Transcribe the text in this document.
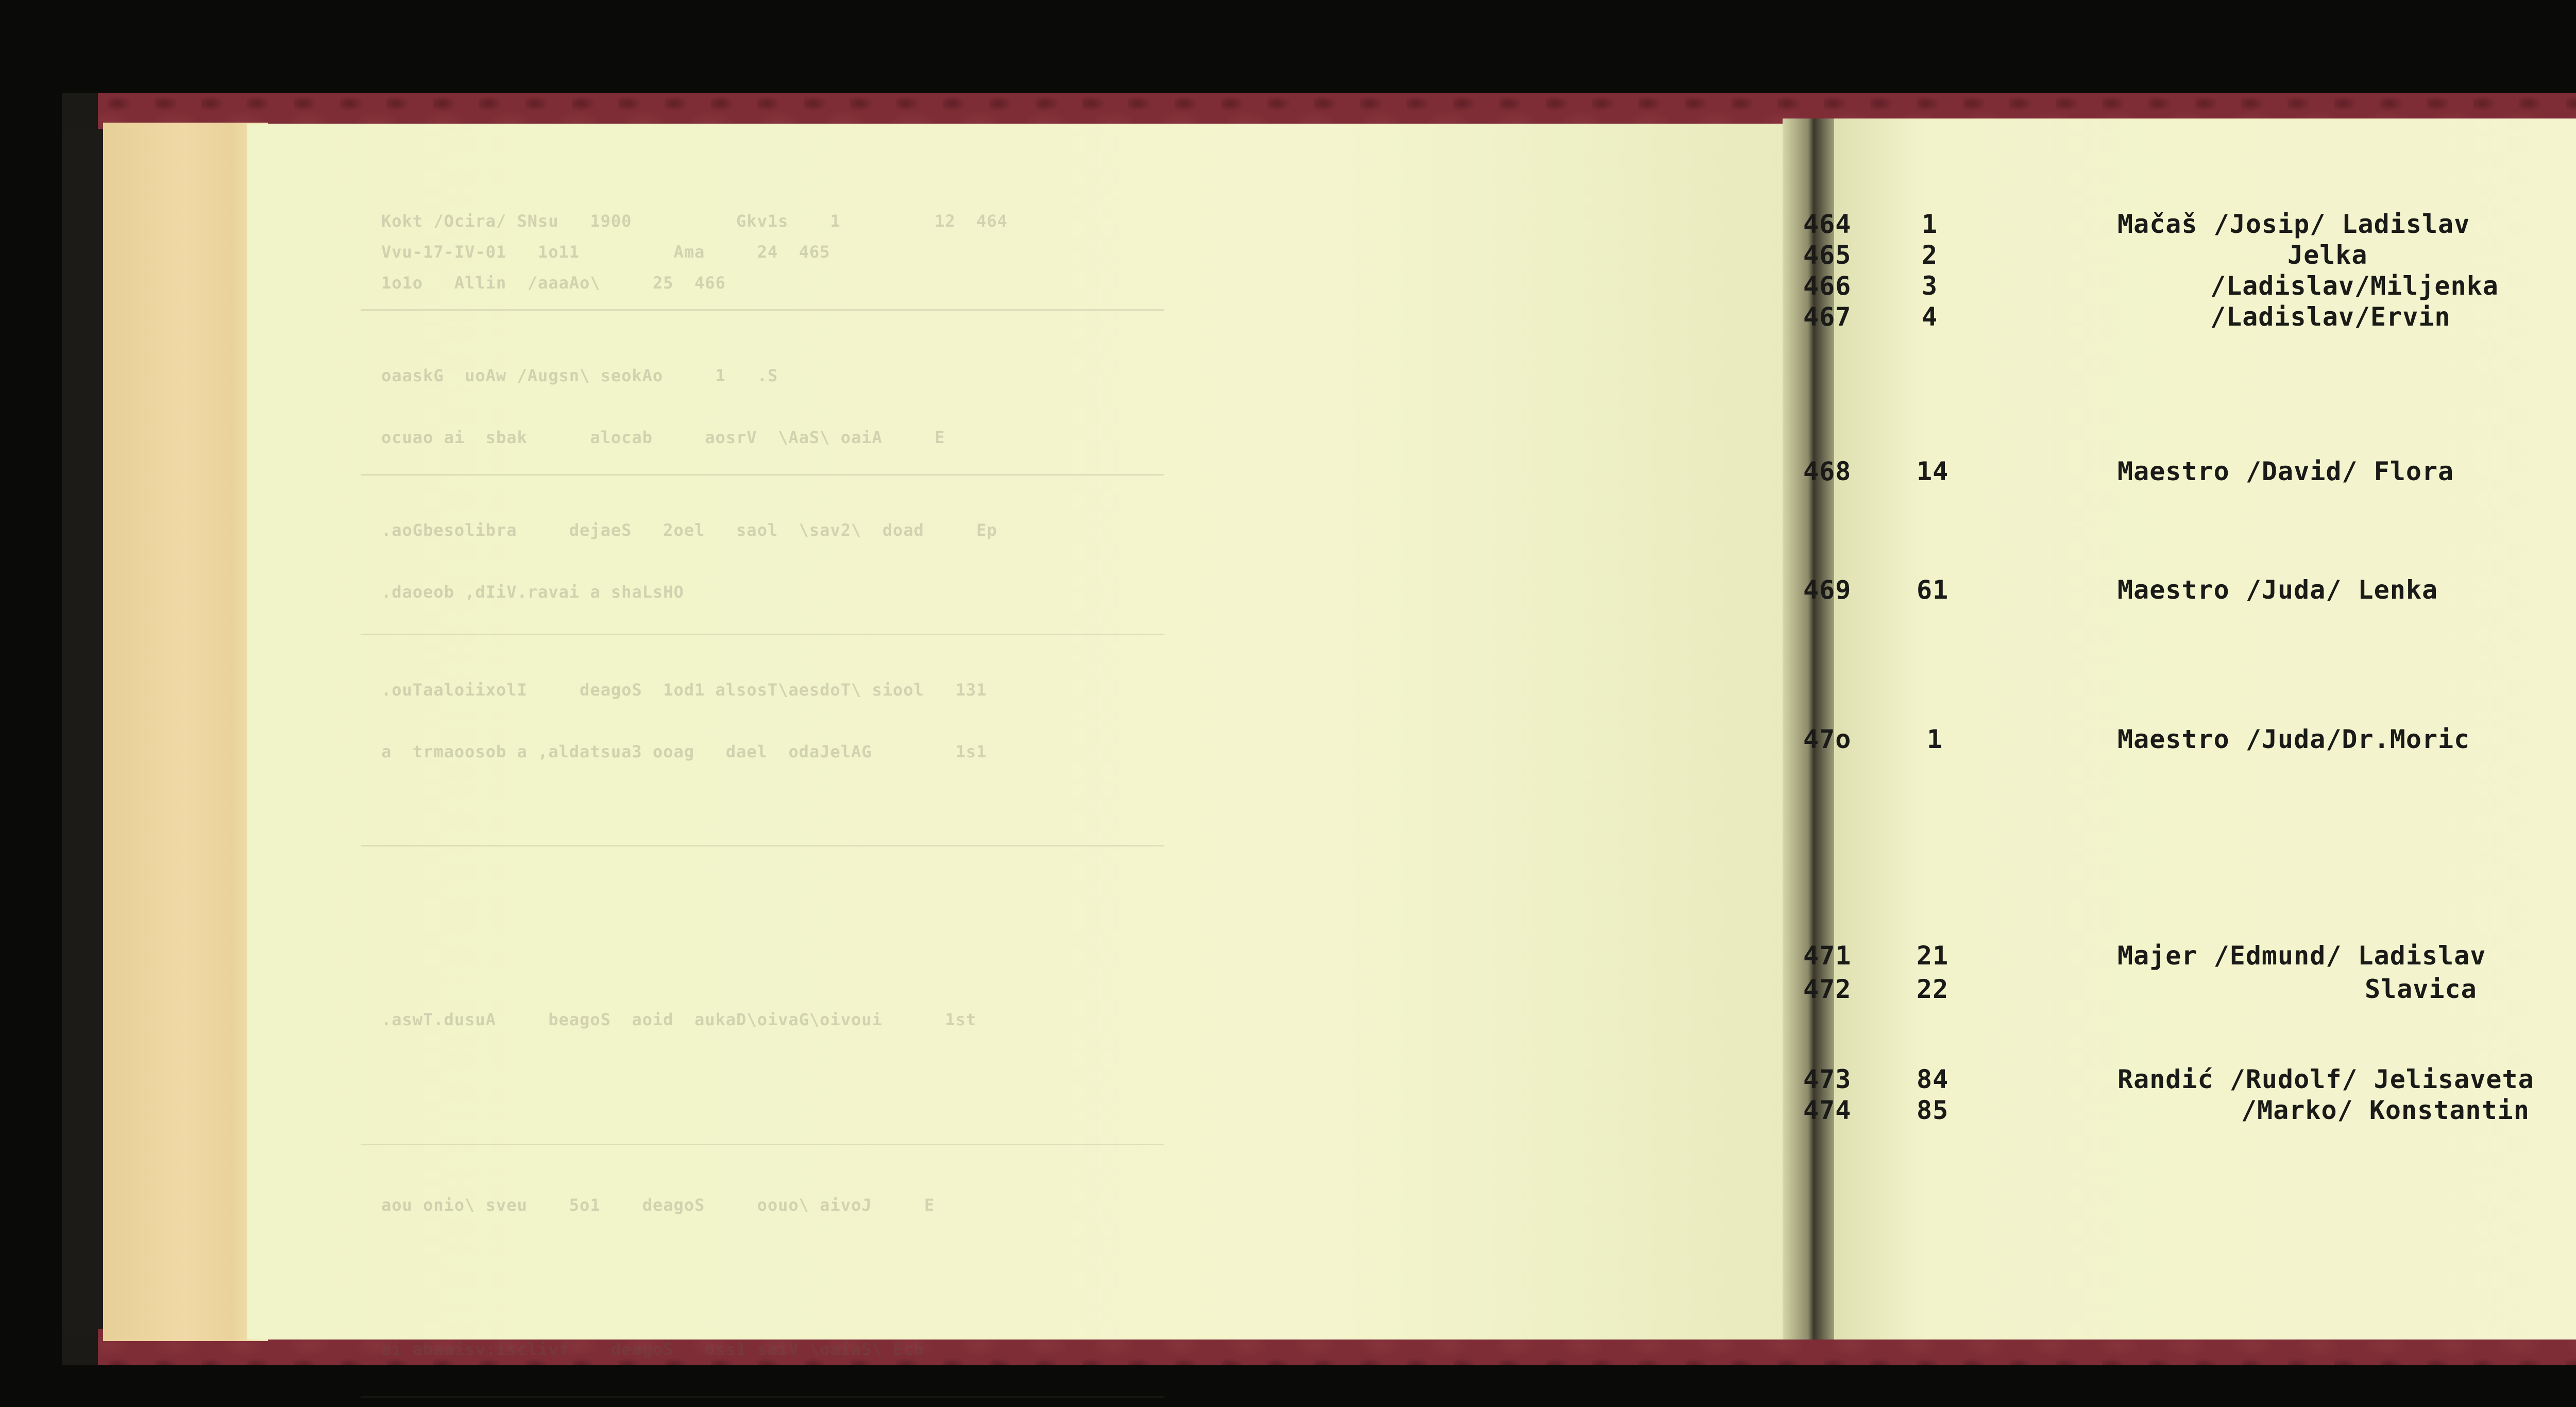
Kokt /Ocira/ SNsu   1900          Gkv1s    1         12  464
Vvu-17-IV-01   1o11         Ama     24  465
1o1o   Allin  /aaaAo\     25  466
oaaskG  uoAw /Augsn\ seokAo     1   .S
ocuao ai  sbak      alocab     aosrV  \AaS\ oaiA     E
.aoGbesolibra     dejaeS   2oel   saol  \sav2\  doad     Ep
.daoeob ,dIiV.ravai a shaLsHO
.ouTaaloiixolI     deagoS  1od1 alsosT\aesdoT\ siool   131
a  trmaoosob a ,aldatsua3 ooag   dael  odaJelAG        1s1
.aswT.dusuA     beagoS  aoid  aukaD\oivaG\oivoui      1st
aou onio\ sveu    5o1    deagoS     oouo\ aivoJ     E
ai abaaisv:isclivf    deagoS   oss1 saiV \oaiaS\ Ecb
464	1	Mačaš /Josip/ Ladislav
465	2	Jelka
466	3	/Ladislav/Miljenka
467	4	/Ladislav/Ervin
468	14	Maestro /David/ Flora
469	61	Maestro /Juda/ Lenka
47o	1	Maestro /Juda/Dr.Moric
471	21	Majer /Edmund/ Ladislav
472	22	Slavica
473	84	Randić /Rudolf/ Jelisaveta
474	85	/Marko/ Konstantin
